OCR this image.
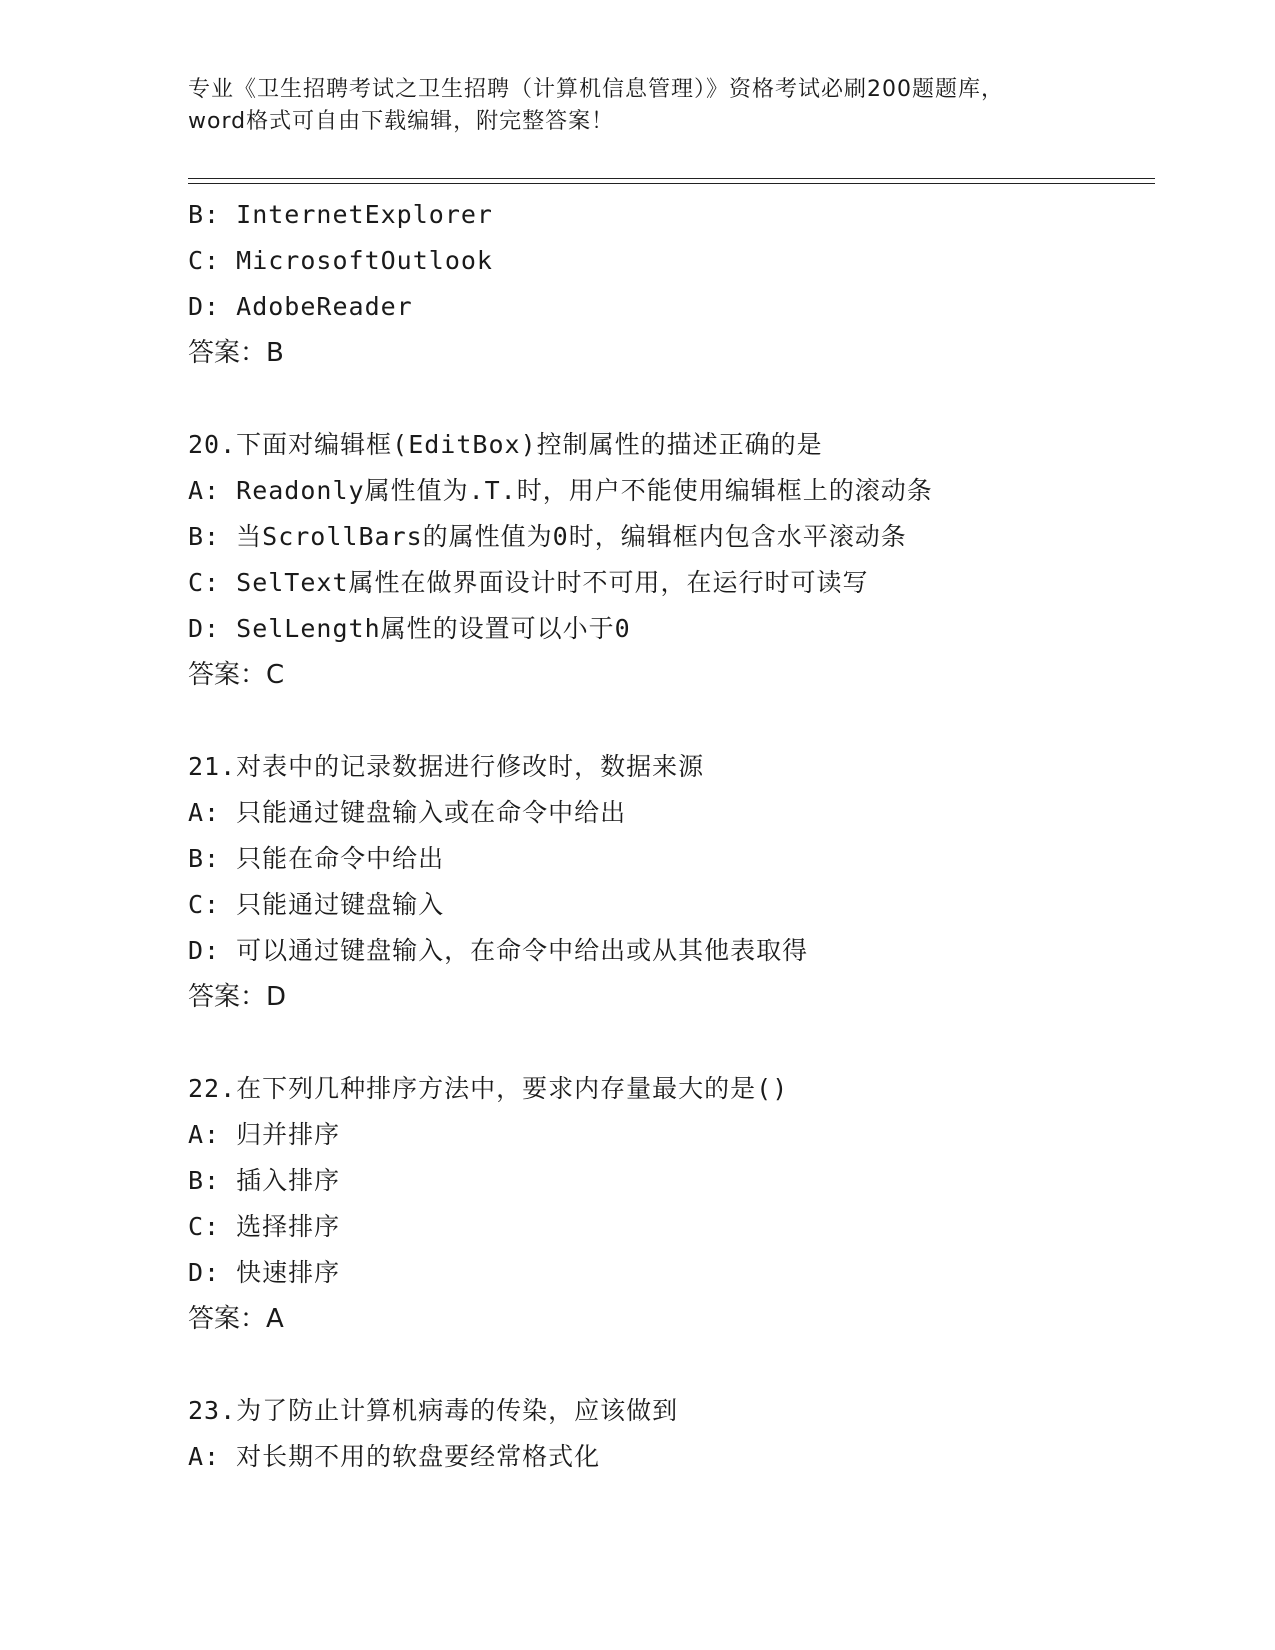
专业《卫生招聘考试之卫生招聘（计算机信息管理）》资格考试必刷200题题库，
word格式可自由下载编辑，附完整答案！
B: InternetExplorer
C: MicrosoftOutlook
D: AdobeReader
答案：B
20.下面对编辑框(EditBox)控制属性的描述正确的是
A: Readonly属性值为.T.时，用户不能使用编辑框上的滚动条
B: 当ScrollBars的属性值为0时，编辑框内包含水平滚动条
C: SelText属性在做界面设计时不可用，在运行时可读写
D: SelLength属性的设置可以小于0
答案：C
21.对表中的记录数据进行修改时，数据来源
A: 只能通过键盘输入或在命令中给出
B: 只能在命令中给出
C: 只能通过键盘输入
D: 可以通过键盘输入，在命令中给出或从其他表取得
答案：D
22.在下列几种排序方法中，要求内存量最大的是()
A: 归并排序
B: 插入排序
C: 选择排序
D: 快速排序
答案：A
23.为了防止计算机病毒的传染，应该做到
A: 对长期不用的软盘要经常格式化
